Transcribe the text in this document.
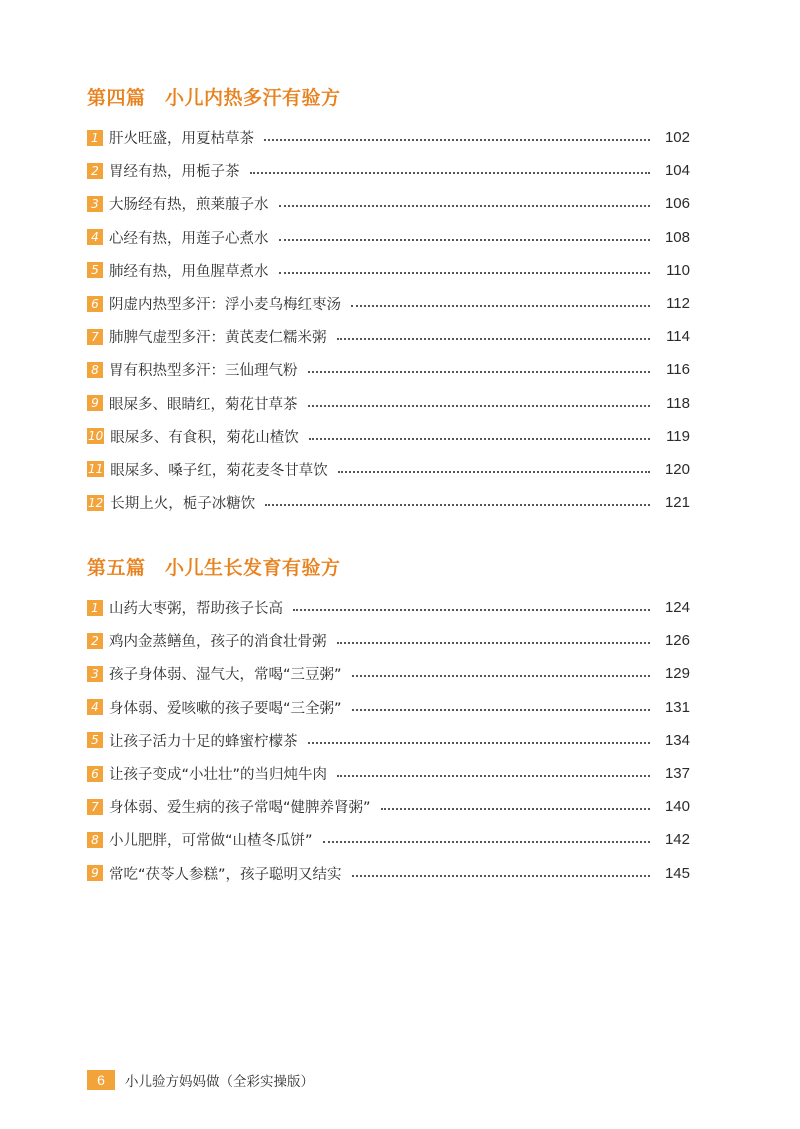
第四篇　小儿内热多汗有验方
1 肝火旺盛，用夏枯草茶	102
2 胃经有热，用栀子茶	104
3 大肠经有热，煎莱菔子水	106
4 心经有热，用莲子心煮水	108
5 肺经有热，用鱼腥草煮水	110
6 阴虚内热型多汗：浮小麦乌梅红枣汤	112
7 肺脾气虚型多汗：黄芪麦仁糯米粥	114
8 胃有积热型多汗：三仙理气粉	116
9 眼屎多、眼睛红，菊花甘草茶	118
10 眼屎多、有食积，菊花山楂饮	119
11 眼屎多、嗓子红，菊花麦冬甘草饮	120
12 长期上火，栀子冰糖饮	121
第五篇　小儿生长发育有验方
1 山药大枣粥，帮助孩子长高	124
2 鸡内金蒸鳝鱼，孩子的消食壮骨粥	126
3 孩子身体弱、湿气大，常喝“三豆粥”	129
4 身体弱、爱咳嗽的孩子要喝“三全粥”	131
5 让孩子活力十足的蜂蜜柠檬茶	134
6 让孩子变成“小壮壮”的当归炖牛肉	137
7 身体弱、爱生病的孩子常喝“健脾养肾粥”	140
8 小儿肥胖，可常做“山楂冬瓜饼”	142
9 常吃“茯苓人参糕”，孩子聪明又结实	145
6	小儿验方妈妈做（全彩实操版）
